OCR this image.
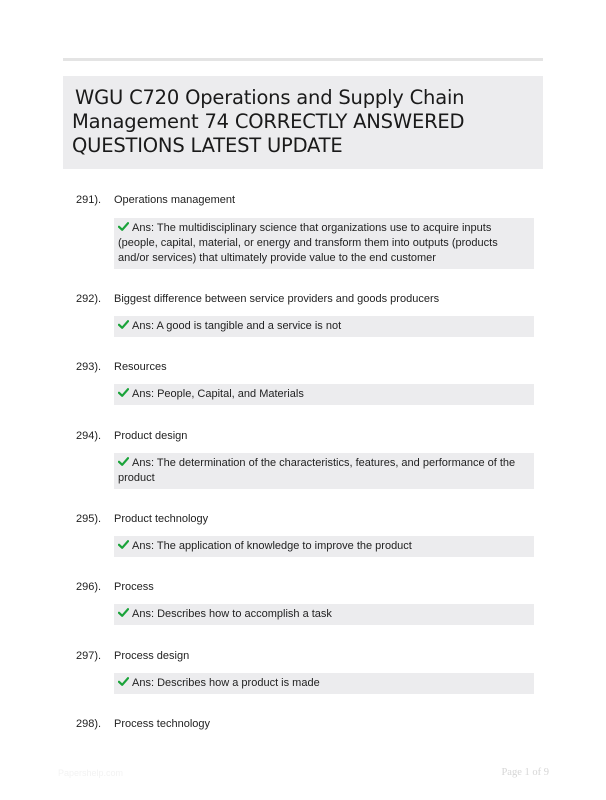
WGU C720 Operations and Supply Chain Management 74 CORRECTLY ANSWERED QUESTIONS LATEST UPDATE
291). Operations management
Ans: The multidisciplinary science that organizations use to acquire inputs (people, capital, material, or energy and transform them into outputs (products and/or services) that ultimately provide value to the end customer
292). Biggest difference between service providers and goods producers
Ans: A good is tangible and a service is not
293). Resources
Ans: People, Capital, and Materials
294). Product design
Ans: The determination of the characteristics, features, and performance of the product
295). Product technology
Ans: The application of knowledge to improve the product
296). Process
Ans: Describes how to accomplish a task
297). Process design
Ans: Describes how a product is made
298). Process technology
Papershelp.com	Page 1 of 9
